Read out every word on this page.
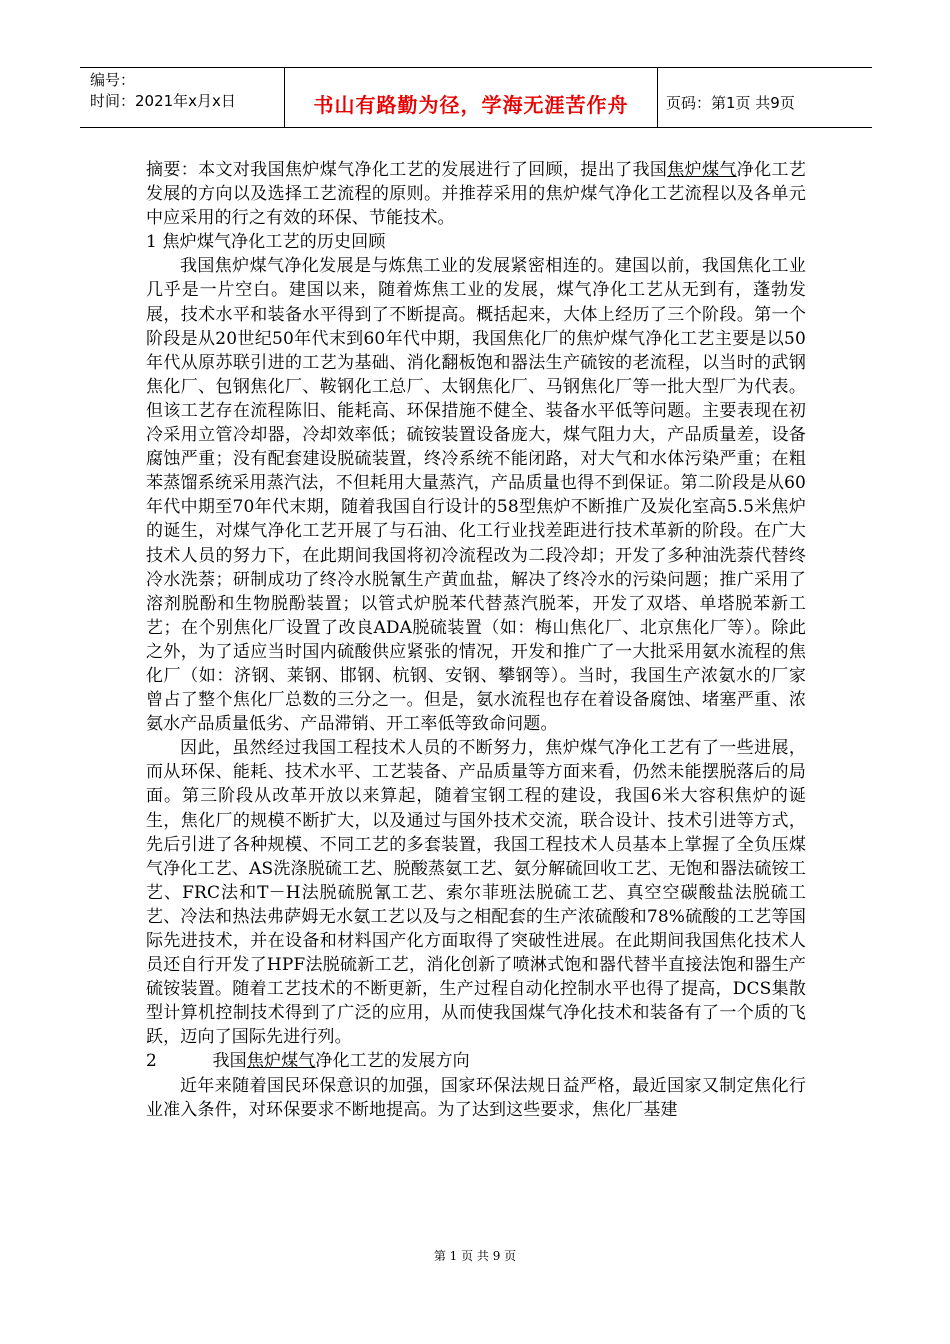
编号：
时间：2021年x月x日	书山有路勤为径，学海无涯苦作舟	页码：第1页 共9页

摘要：本文对我国焦炉煤气净化工艺的发展进行了回顾，提出了我国焦炉煤气净化工艺发展的方向以及选择工艺流程的原则。并推荐采用的焦炉煤气净化工艺流程以及各单元中应采用的行之有效的环保、节能技术。

1 焦炉煤气净化工艺的历史回顾

我国焦炉煤气净化发展是与炼焦工业的发展紧密相连的。建国以前，我国焦化工业几乎是一片空白。建国以来，随着炼焦工业的发展，煤气净化工艺从无到有，蓬勃发展，技术水平和装备水平得到了不断提高。概括起来，大体上经历了三个阶段。第一个阶段是从20世纪50年代末到60年代中期，我国焦化厂的焦炉煤气净化工艺主要是以50年代从原苏联引进的工艺为基础、消化翻板饱和器法生产硫铵的老流程，以当时的武钢焦化厂、包钢焦化厂、鞍钢化工总厂、太钢焦化厂、马钢焦化厂等一批大型厂为代表。但该工艺存在流程陈旧、能耗高、环保措施不健全、装备水平低等问题。主要表现在初冷采用立管冷却器，冷却效率低；硫铵装置设备庞大，煤气阻力大，产品质量差，设备腐蚀严重；没有配套建设脱硫装置，终冷系统不能闭路，对大气和水体污染严重；在粗苯蒸馏系统采用蒸汽法，不但耗用大量蒸汽，产品质量也得不到保证。第二阶段是从60年代中期至70年代末期，随着我国自行设计的58型焦炉不断推广及炭化室高5.5米焦炉的诞生，对煤气净化工艺开展了与石油、化工行业找差距进行技术革新的阶段。在广大技术人员的努力下，在此期间我国将初冷流程改为二段冷却；开发了多种油洗萘代替终冷水洗萘；研制成功了终冷水脱氰生产黄血盐，解决了终冷水的污染问题；推广采用了溶剂脱酚和生物脱酚装置；以管式炉脱苯代替蒸汽脱苯，开发了双塔、单塔脱苯新工艺；在个别焦化厂设置了改良ADA脱硫装置（如：梅山焦化厂、北京焦化厂等）。除此之外，为了适应当时国内硫酸供应紧张的情况，开发和推广了一大批采用氨水流程的焦化厂（如：济钢、莱钢、邯钢、杭钢、安钢、攀钢等）。当时，我国生产浓氨水的厂家曾占了整个焦化厂总数的三分之一。但是，氨水流程也存在着设备腐蚀、堵塞严重、浓氨水产品质量低劣、产品滞销、开工率低等致命问题。

因此，虽然经过我国工程技术人员的不断努力，焦炉煤气净化工艺有了一些进展，而从环保、能耗、技术水平、工艺装备、产品质量等方面来看，仍然未能摆脱落后的局面。第三阶段从改革开放以来算起，随着宝钢工程的建设，我国6米大容积焦炉的诞生，焦化厂的规模不断扩大，以及通过与国外技术交流，联合设计、技术引进等方式，先后引进了各种规模、不同工艺的多套装置，我国工程技术人员基本上掌握了全负压煤气净化工艺、AS洗涤脱硫工艺、脱酸蒸氨工艺、氨分解硫回收工艺、无饱和器法硫铵工艺、FRC法和T－H法脱硫脱氰工艺、索尔菲班法脱硫工艺、真空空碳酸盐法脱硫工艺、冷法和热法弗萨姆无水氨工艺以及与之相配套的生产浓硫酸和78%硫酸的工艺等国际先进技术，并在设备和材料国产化方面取得了突破性进展。在此期间我国焦化技术人员还自行开发了HPF法脱硫新工艺，消化创新了喷淋式饱和器代替半直接法饱和器生产硫铵装置。随着工艺技术的不断更新，生产过程自动化控制水平也得了提高，DCS集散型计算机控制技术得到了广泛的应用，从而使我国煤气净化技术和装备有了一个质的飞跃，迈向了国际先进行列。

2	我国焦炉煤气净化工艺的发展方向

近年来随着国民环保意识的加强，国家环保法规日益严格，最近国家又制定焦化行业准入条件，对环保要求不断地提高。为了达到这些要求，焦化厂基建

第 1 页 共 9 页
